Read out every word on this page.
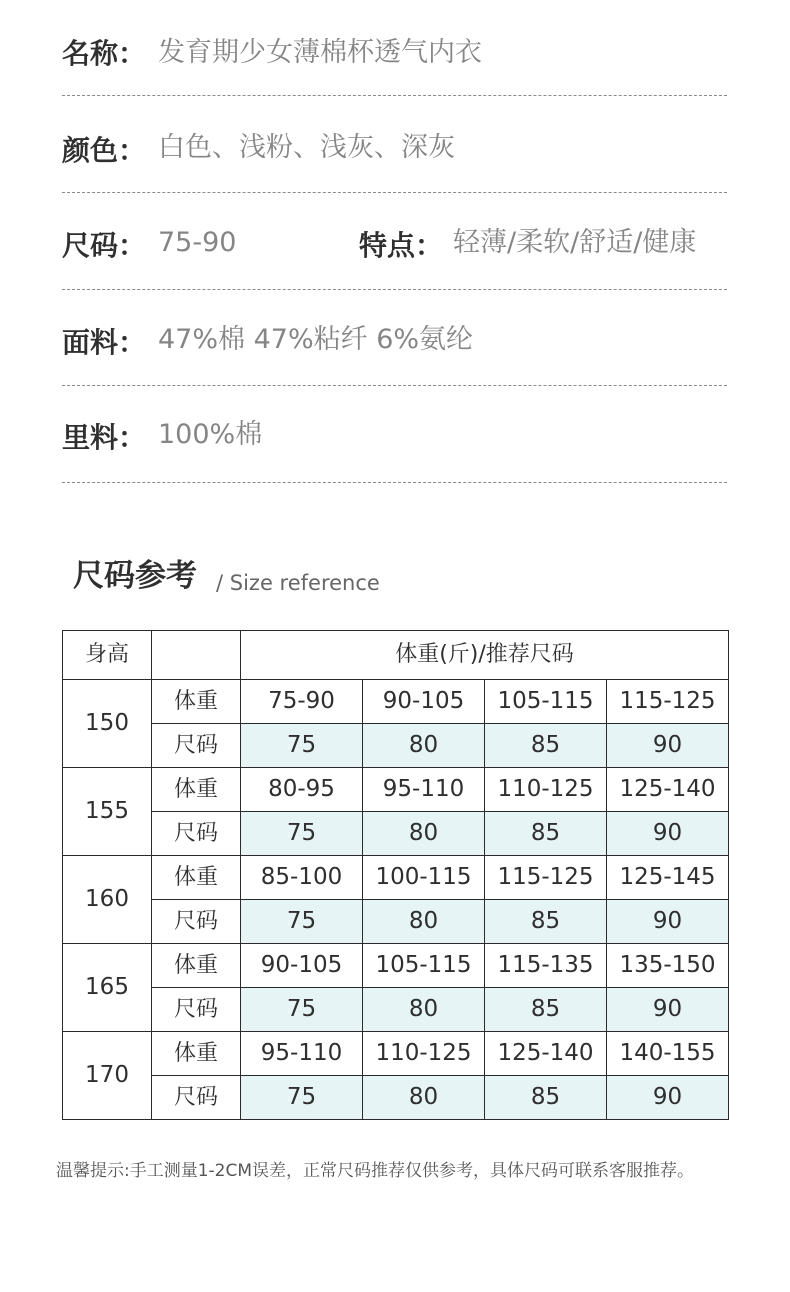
名称： 发育期少女薄棉杯透气内衣
颜色： 白色、浅粉、浅灰、深灰
尺码： 75-90	特点： 轻薄/柔软/舒适/健康
面料： 47%棉 47%粘纤 6%氨纶
里料： 100%棉
尺码参考 / Size reference
身高		体重(斤)/推荐尺码			
150	体重	75-90	90-105	105-115	115-125
	尺码	75	80	85	90
155	体重	80-95	95-110	110-125	125-140
	尺码	75	80	85	90
160	体重	85-100	100-115	115-125	125-145
	尺码	75	80	85	90
165	体重	90-105	105-115	115-135	135-150
	尺码	75	80	85	90
170	体重	95-110	110-125	125-140	140-155
	尺码	75	80	85	90
温馨提示:手工测量1-2CM误差，正常尺码推荐仅供参考，具体尺码可联系客服推荐。
